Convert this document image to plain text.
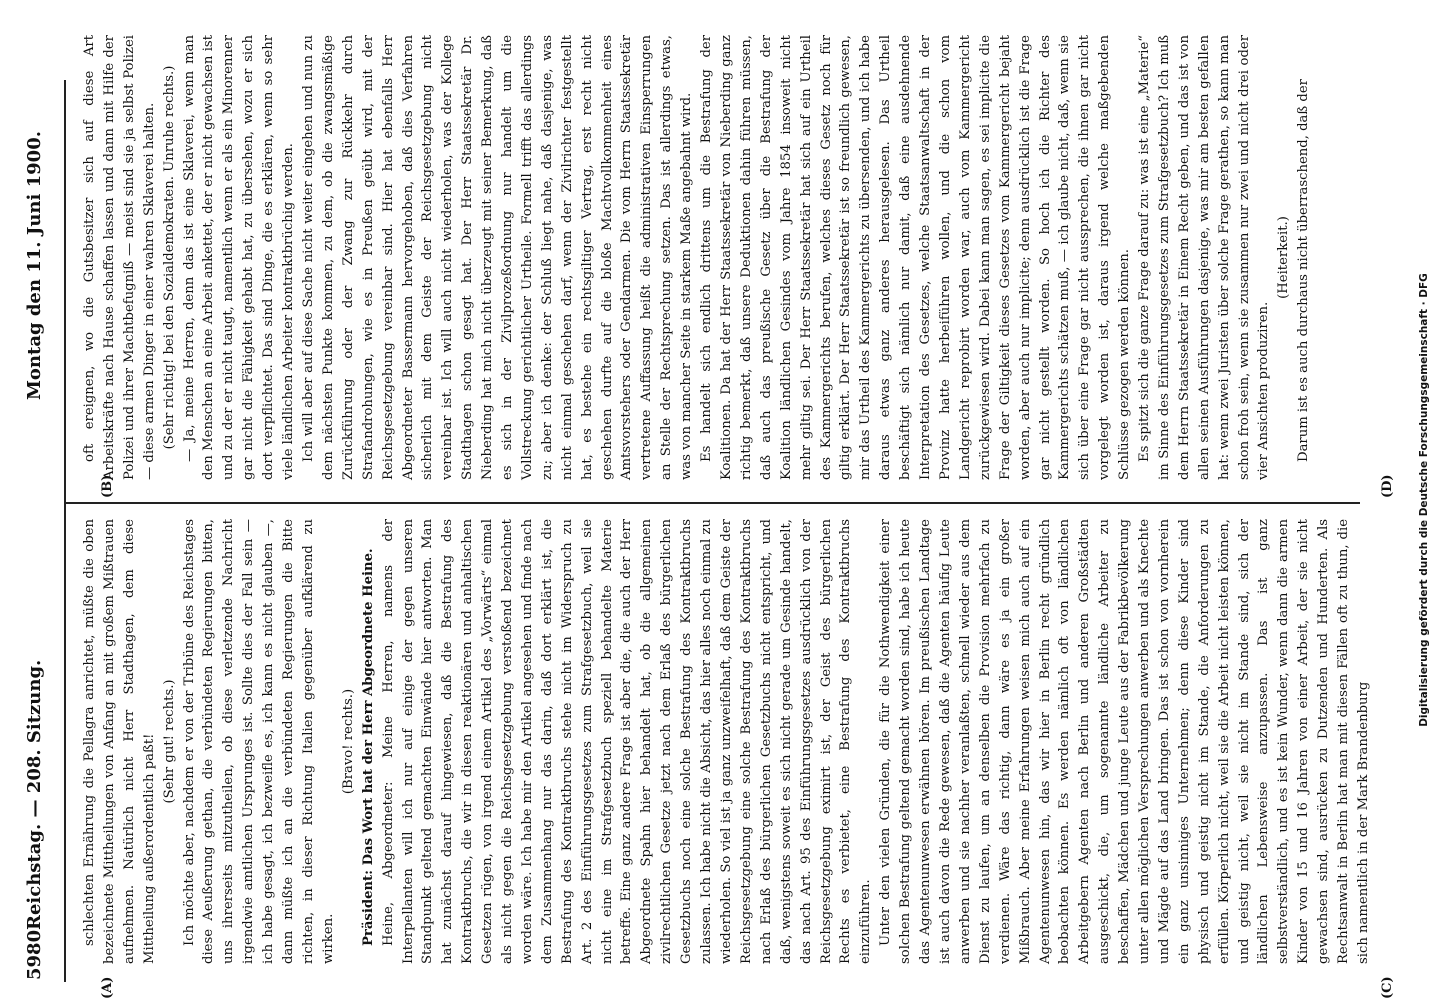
5980
Reichstag. — 208. Sitzung.
Montag den 11. Juni 1900.
(A)
(B)
(C)
(D)

schlechten Ernährung die Pellagra anrichtet, müßte die oben bezeichnete Mittheilungen von Anfang an mit großem Mißtrauen aufnehmen. Natürlich nicht Herr Stadthagen, dem diese Mittheilung außerordentlich paßt! (Sehr gut! rechts.) Ich möchte aber, nachdem er von der Tribüne des Reichstages diese Aeußerung gethan, die verbündeten Regierungen bitten, uns ihrerseits mitzutheilen, ob diese verletzende Nachricht irgendwie amtlichen Ursprunges ist. Sollte dies der Fall sein — ich habe gesagt, ich bezweifle es, ich kann es nicht glauben —, dann müßte ich an die verbündeten Regierungen die Bitte richten, in dieser Richtung Italien gegenüber aufklärend zu wirken.

(Bravo! rechts.) Präsident: Das Wort hat der Herr Abgeordnete Heine. Heine, Abgeordneter: Meine Herren, namens der Interpellanten will ich nur auf einige der gegen unseren Standpunkt geltend gemachten Einwände hier antworten. Man hat zunächst darauf hingewiesen, daß die Bestrafung des Kontraktbruchs, die wir in diesen reaktionären und anhaltischen Gesetzen rügen, von irgend einem Artikel des „Vorwärts“ einmal als nicht gegen die Reichsgesetzgebung verstoßend bezeichnet worden wäre. Ich habe mir den Artikel angesehen und finde nach dem Zusammenhang nur das darin, daß dort erklärt ist, die Bestrafung des Kontraktbruchs stehe nicht im Widerspruch zu Art. 2 des Einführungsgesetzes zum Strafgesetzbuch, weil sie nicht eine im Strafgesetzbuch speziell behandelte Materie betreffe. Eine ganz andere Frage ist aber die, die auch der Herr Abgeordnete Spahn hier behandelt hat, ob die allgemeinen zivilrechtlichen Gesetze jetzt nach dem Erlaß des bürgerlichen Gesetzbuchs noch eine solche Bestrafung des Kontraktbruchs zulassen. Ich habe nicht die Absicht, das hier alles noch einmal zu wiederholen. So viel ist ja ganz unzweifelhaft, daß dem Geiste der Reichsgesetzgebung eine solche Bestrafung des Kontraktbruchs nach Erlaß des bürgerlichen Gesetzbuchs nicht entspricht, und daß, wenigstens soweit es sich nicht gerade um Gesinde handelt, das nach Art. 95 des Einführungsgesetzes ausdrücklich von der Reichsgesetzgebung eximirt ist, der Geist des bürgerlichen Rechts es verbietet, eine Bestrafung des Kontraktbruchs einzuführen. Unter den vielen Gründen, die für die Nothwendigkeit einer solchen Bestrafung geltend gemacht worden sind, habe ich heute das Agentenunwesen erwähnen hören. Im preußischen Landtage ist auch davon die Rede gewesen, daß die Agenten häufig Leute anwerben und sie nachher veranlaßten, schnell wieder aus dem Dienst zu laufen, um an denselben die Provision mehrfach zu verdienen. Wäre das richtig, dann wäre es ja ein großer Mißbrauch. Aber meine Erfahrungen weisen mich auch auf ein Agentenunwesen hin, das wir hier in Berlin recht gründlich beobachten können. Es werden nämlich oft von ländlichen Arbeitgebern Agenten nach Berlin und anderen Großstädten ausgeschickt, die, um sogenannte ländliche Arbeiter zu beschaffen, Mädchen und junge Leute aus der Fabrikbevölkerung unter allen möglichen Versprechungen anwerben und als Knechte und Mägde auf das Land bringen. Das ist schon von vornherein ein ganz unsinniges Unternehmen; denn diese Kinder sind physisch und geistig nicht im Stande, die Anforderungen zu erfüllen. Körperlich nicht, weil sie die Arbeit nicht leisten können, und geistig nicht, weil sie nicht im Stande sind, sich der ländlichen Lebensweise anzupassen. Das ist ganz selbstverständlich, und es ist kein Wunder, wenn dann die armen Kinder von 15 und 16 Jahren von einer Arbeit, der sie nicht gewachsen sind, ausrücken zu Dutzenden und Hunderten. Als Rechtsanwalt in Berlin hat man mit diesen Fällen oft zu thun, die sich namentlich in der Mark Brandenburg

oft ereignen, wo die Gutsbesitzer sich auf diese Art Arbeitskräfte nach Hause schaffen lassen und dann mit Hilfe der Polizei und ihrer Machtbefugniß — meist sind sie ja selbst Polizei — diese armen Dinger in einer wahren Sklaverei halten. (Sehr richtig! bei den Sozialdemokraten. Unruhe rechts.) — Ja, meine Herren, denn das ist eine Sklaverei, wenn man den Menschen an eine Arbeit ankettet, der er nicht gewachsen ist und zu der er nicht taugt, namentlich wenn er als ein Minorenner gar nicht die Fähigkeit gehabt hat, zu übersehen, wozu er sich dort verpflichtet. Das sind Dinge, die es erklären, wenn so sehr viele ländlichen Arbeiter kontraktbrüchig werden. Ich will aber auf diese Sache nicht weiter eingehen und nun zu dem nächsten Punkte kommen, zu dem, ob die zwangsmäßige Zurückführung oder der Zwang zur Rückkehr durch Strafandrohungen, wie es in Preußen geübt wird, mit der Reichsgesetzgebung vereinbar sind. Hier hat ebenfalls Herr Abgeordneter Bassermann hervorgehoben, daß dies Verfahren sicherlich mit dem Geiste der Reichsgesetzgebung nicht vereinbar ist. Ich will auch nicht wiederholen, was der Kollege Stadthagen schon gesagt hat. Der Herr Staatssekretär Dr. Nieberding hat mich nicht überzeugt mit seiner Bemerkung, daß es sich in der Zivilprozeßordnung nur handelt um die Vollstreckung gerichtlicher Urtheile. Formell trifft das allerdings zu; aber ich denke: der Schluß liegt nahe, daß dasjenige, was nicht einmal geschehen darf, wenn der Zivilrichter festgestellt hat, es bestehe ein rechtsgiltiger Vertrag, erst recht nicht geschehen durfte auf die bloße Machtvollkommenheit eines Amtsvorstehers oder Gendarmen. Die vom Herrn Staatssekretär vertretene Auffassung heißt die administrativen Einsperrungen an Stelle der Rechtsprechung setzen. Das ist allerdings etwas, was von mancher Seite in starkem Maße angebahnt wird. Es handelt sich endlich drittens um die Bestrafung der Koalitionen. Da hat der Herr Staatssekretär von Nieberding ganz richtig bemerkt, daß unsere Deduktionen dahin führen müssen, daß auch das preußische Gesetz über die Bestrafung der Koalition ländlichen Gesindes vom Jahre 1854 insoweit nicht mehr giltig sei. Der Herr Staatssekretär hat sich auf ein Urtheil des Kammergerichts berufen, welches dieses Gesetz noch für giltig erklärt. Der Herr Staatssekretär ist so freundlich gewesen, mir das Urtheil des Kammergerichts zu übersenden, und ich habe daraus etwas ganz anderes herausgelesen. Das Urtheil beschäftigt sich nämlich nur damit, daß eine ausdehnende Interpretation des Gesetzes, welche Staatsanwaltschaft in der Provinz hatte herbeiführen wollen, und die schon vom Landgericht reprobirt worden war, auch vom Kammergericht zurückgewiesen wird. Dabei kann man sagen, es sei implicite die Frage der Giltigkeit dieses Gesetzes vom Kammergericht bejaht worden, aber auch nur implicite; denn ausdrücklich ist die Frage gar nicht gestellt worden. So hoch ich die Richter des Kammergerichts schätzen muß, — ich glaube nicht, daß, wenn sie sich über eine Frage gar nicht aussprechen, die ihnen gar nicht vorgelegt worden ist, daraus irgend welche maßgebenden Schlüsse gezogen werden können. Es spitzt sich die ganze Frage darauf zu: was ist eine „Materie“ im Sinne des Einführungsgesetzes zum Strafgesetzbuch? Ich muß dem Herrn Staatssekretär in Einem Recht geben, und das ist von allen seinen Ausführungen dasjenige, was mir am besten gefallen hat: wenn zwei Juristen über solche Frage gerathen, so kann man schon froh sein, wenn sie zusammen nur zwei und nicht drei oder vier Ansichten produziren.

(Heiterkeit.) Darum ist es auch durchaus nicht überraschend, daß der

Digitalisierung gefördert durch die Deutsche Forschungsgemeinschaft · DFG
